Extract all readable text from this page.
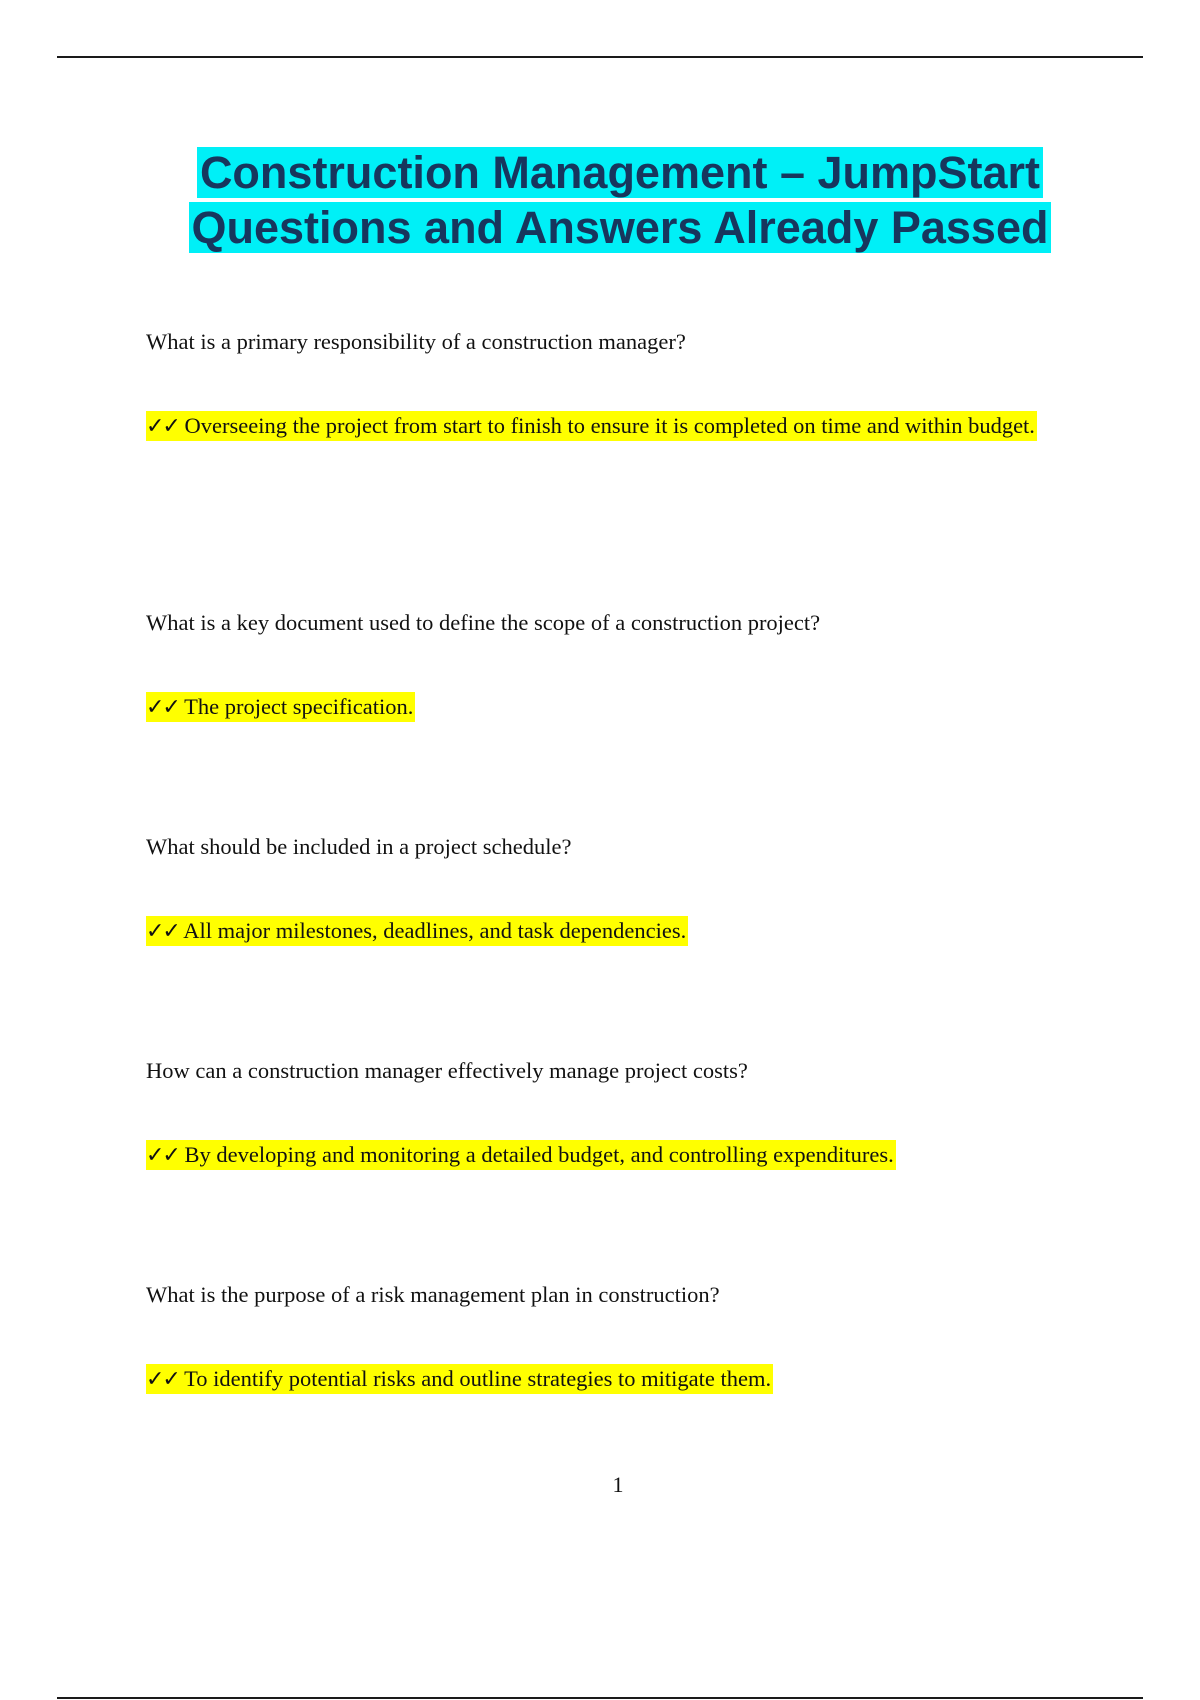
Construction Management – JumpStart
Questions and Answers Already Passed
What is a primary responsibility of a construction manager?
✓✓ Overseeing the project from start to finish to ensure it is completed on time and within budget.
What is a key document used to define the scope of a construction project?
✓✓ The project specification.
What should be included in a project schedule?
✓✓ All major milestones, deadlines, and task dependencies.
How can a construction manager effectively manage project costs?
✓✓ By developing and monitoring a detailed budget, and controlling expenditures.
What is the purpose of a risk management plan in construction?
✓✓ To identify potential risks and outline strategies to mitigate them.
1
